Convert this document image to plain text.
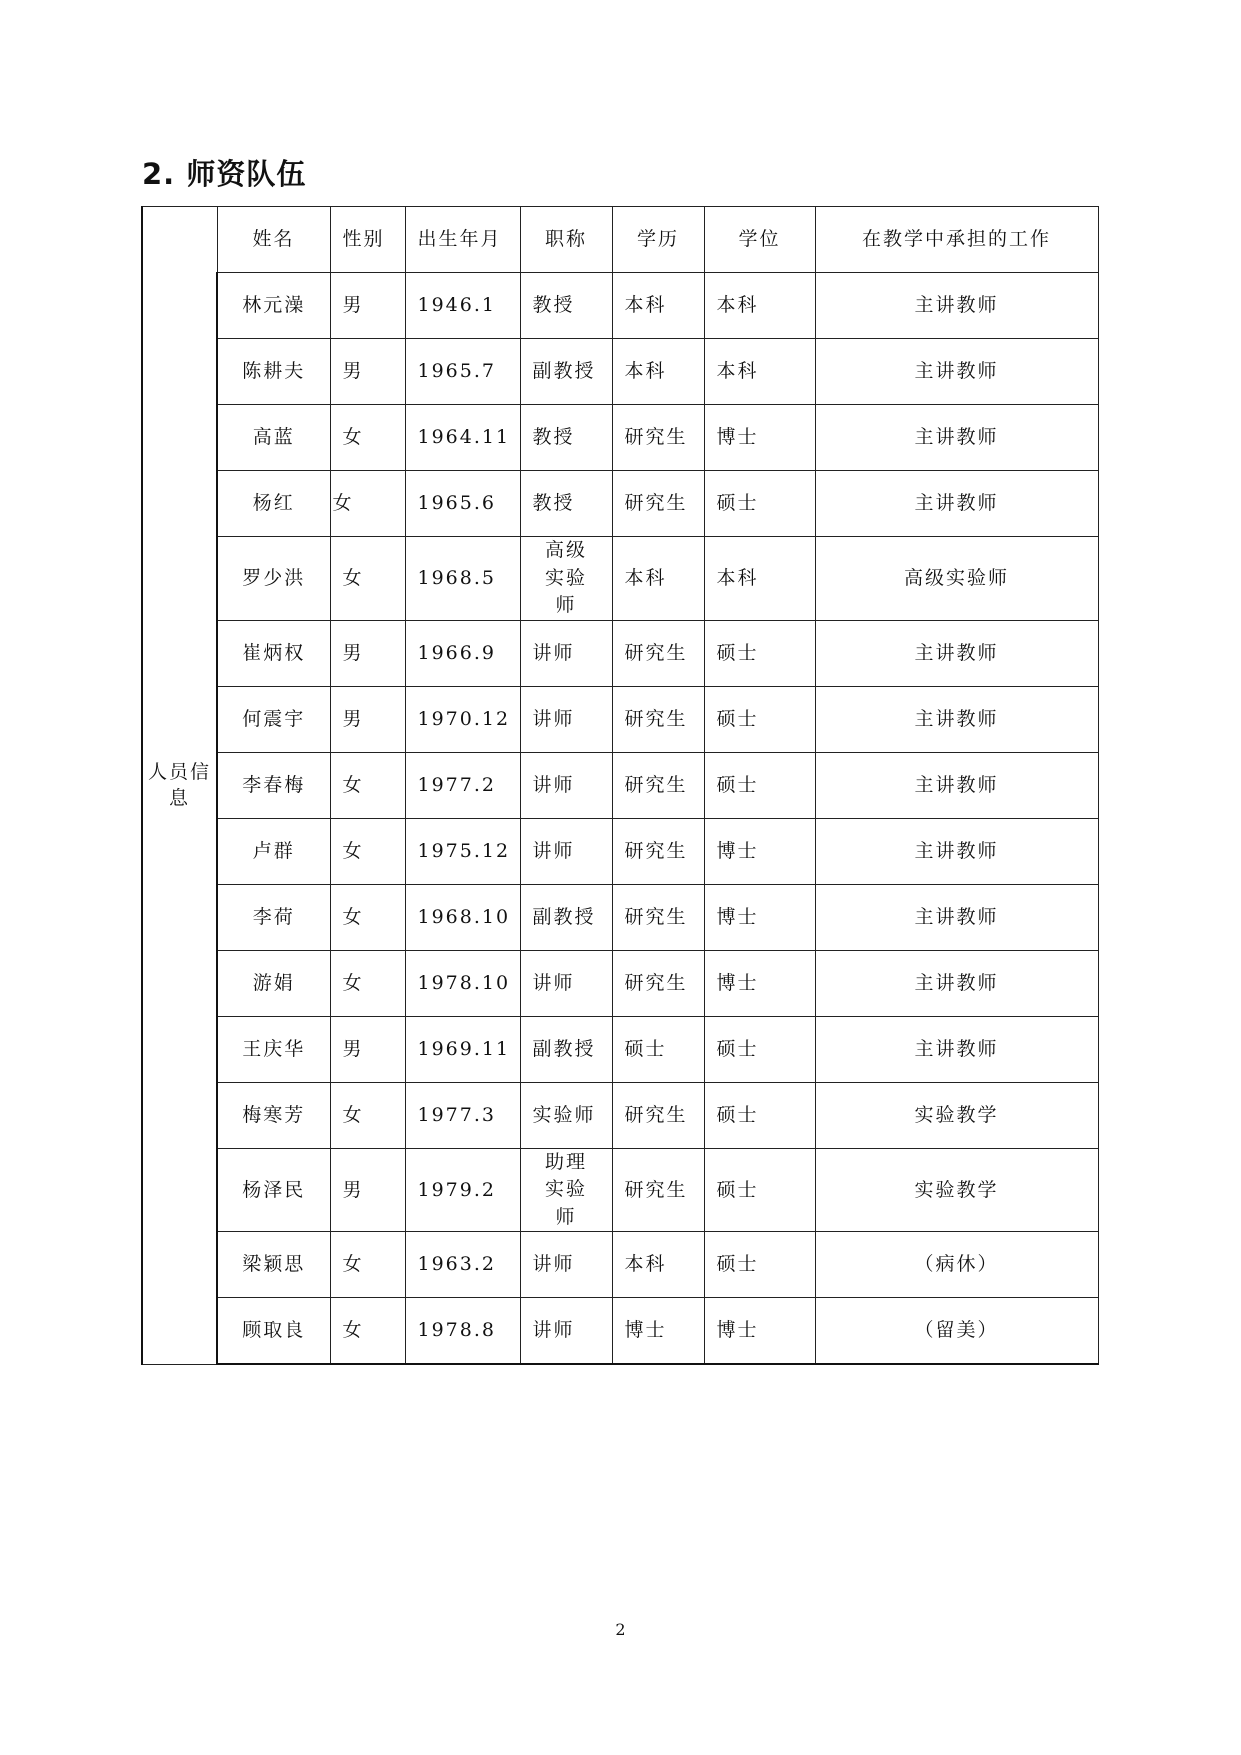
2. 师资队伍
人员信息	姓名	性别	出生年月	职称	学历	学位	在教学中承担的工作
	林元澡	男	1946.1	教授	本科	本科	主讲教师
	陈耕夫	男	1965.7	副教授	本科	本科	主讲教师
	高蓝	女	1964.11	教授	研究生	博士	主讲教师
	杨红	女	1965.6	教授	研究生	硕士	主讲教师
	罗少洪	女	1968.5	高级实验师	本科	本科	高级实验师
	崔炳权	男	1966.9	讲师	研究生	硕士	主讲教师
	何震宇	男	1970.12	讲师	研究生	硕士	主讲教师
	李春梅	女	1977.2	讲师	研究生	硕士	主讲教师
	卢群	女	1975.12	讲师	研究生	博士	主讲教师
	李荷	女	1968.10	副教授	研究生	博士	主讲教师
	游娟	女	1978.10	讲师	研究生	博士	主讲教师
	王庆华	男	1969.11	副教授	硕士	硕士	主讲教师
	梅寒芳	女	1977.3	实验师	研究生	硕士	实验教学
	杨泽民	男	1979.2	助理实验师	研究生	硕士	实验教学
	梁颖思	女	1963.2	讲师	本科	硕士	（病休）
	顾取良	女	1978.8	讲师	博士	博士	（留美）
2
